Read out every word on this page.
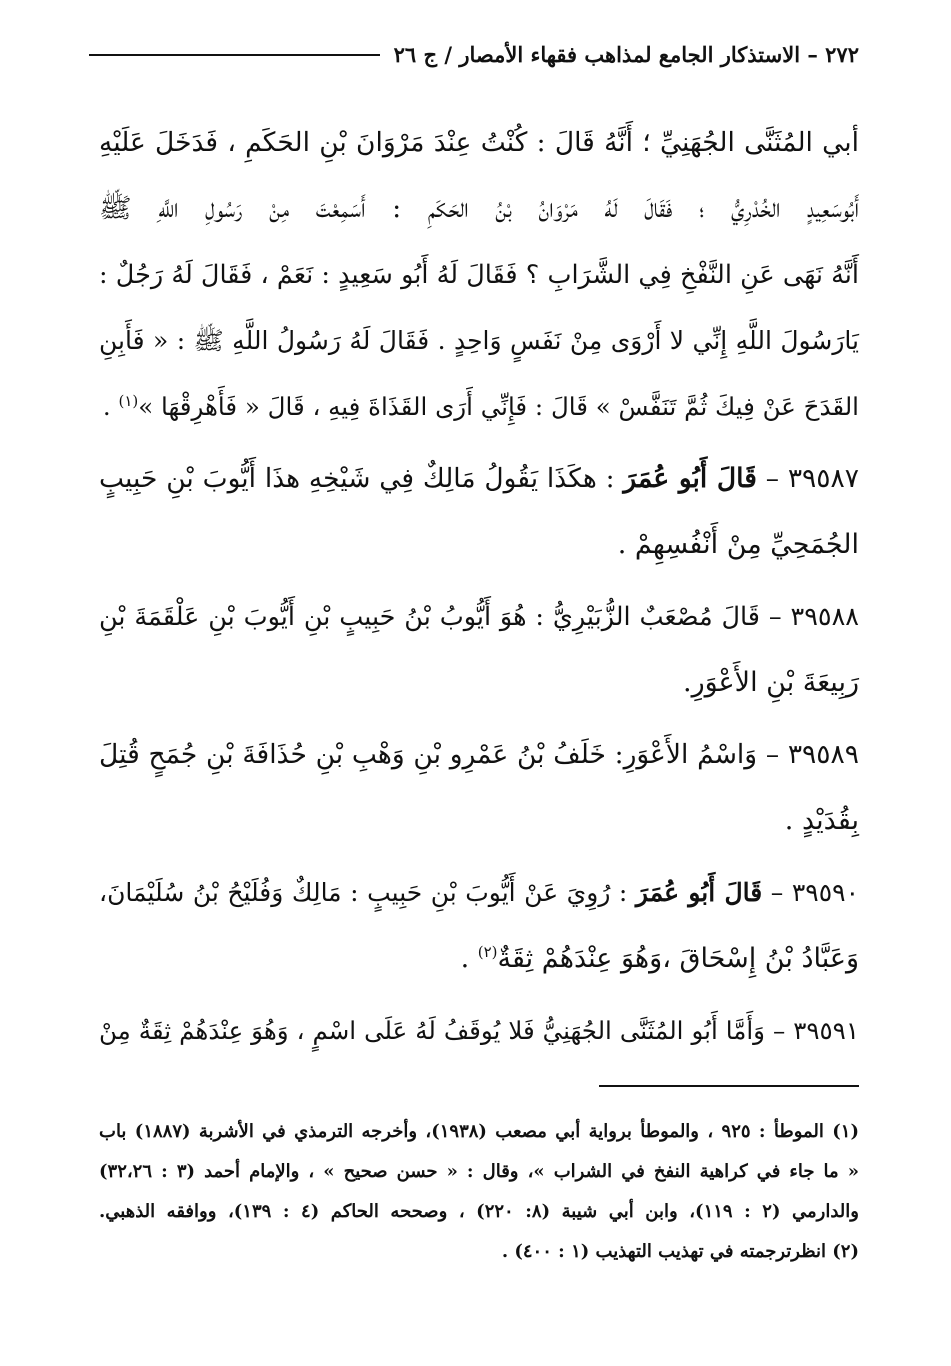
٢٧٢ – الاستذكار الجامع لمذاهب فقهاء الأمصار / ج ٢٦
أبي المُثَنَّى الجُهَنِيِّ ؛ أَنَّهُ قَالَ : كُنْتُ عِنْدَ مَرْوَانَ بْنِ الحَكَمِ ، فَدَخَلَ عَلَيْهِ
أَبُوسَعِيدٍ الخُدْرِيُّ ؛ فَقَالَ لَهُ مَرْوَانُ بْنُ الحَكَمِ : أَسَمِعْتَ مِنْ رَسُولِ اللَّهِ ﷺ
أَنَّهُ نَهَى عَنِ النَّفْخِ فِي الشَّرَابِ ؟ فَقَالَ لَهُ أَبُو سَعِيدٍ : نَعَمْ ، فَقَالَ لَهُ رَجُلٌ :
يَارَسُولَ اللَّهِ إِنِّي لا أَرْوَى مِنْ نَفَسٍ وَاحِدٍ . فَقَالَ لَهُ رَسُولُ اللَّهِ ﷺ : « فَأَبِنِ
القَدَحَ عَنْ فِيكَ ثُمَّ تَنَفَّسْ » قَالَ : فَإِنِّي أَرَى القَذَاةَ فِيهِ ، قَالَ « فَأَهْرِقْهَا »$^{(١)}$ .
٣٩٥٨٧ – قَالَ أَبُو عُمَرَ : هكَذَا يَقُولُ مَالِكٌ فِي شَيْخِهِ هذَا أَيُّوبَ بْنِ حَبِيبٍ
الجُمَحِيِّ مِنْ أَنْفُسِهِمْ .
٣٩٥٨٨ – قَالَ مُصْعَبٌ الزُّبَيْرِيُّ : هُوَ أَيُّوبُ بْنُ حَبِيبٍ بْنِ أَيُّوبَ بْنِ عَلْقَمَةَ بْنِ
رَبِيعَةَ بْنِ الأَعْوَرِ.
٣٩٥٨٩ – وَاسْمُ الأَعْوَرِ: خَلَفُ بْنُ عَمْرِو بْنِ وَهْبِ بْنِ حُذَافَةَ بْنِ جُمَحٍ قُتِلَ
بِقُدَيْدٍ .
٣٩٥٩٠ – قَالَ أَبُو عُمَرَ : رُوِيَ عَنْ أَيُّوبَ بْنِ حَبِيبٍ : مَالِكٌ وَفُلَيْحُ بْنُ سُلَيْمَانَ،
وَعَبَّادُ بْنُ إِسْحَاقَ ،وَهُوَ عِنْدَهُمْ ثِقَةٌ$^{(٢)}$ .
٣٩٥٩١ – وَأَمَّا أَبُو المُثَنَّى الجُهَنِيُّ فَلا يُوقَفُ لَهُ عَلَى اسْمٍ ، وَهُوَ عِنْدَهُمْ ثِقَةٌ مِنْ
(١) الموطأ : ٩٢٥ ، والموطأ برواية أبي مصعب (١٩٣٨)، وأخرجه الترمذي في الأشربة (١٨٨٧) باب
« ما جاء في كراهية النفخ في الشراب »، وقال : « حسن صحيح » ، والإمام أحمد (٣ : ٣٢،٢٦)
والدارمي (٢ : ١١٩)، وابن أبي شيبة (٨: ٢٢٠) ، وصححه الحاكم (٤ : ١٣٩)، ووافقه الذهبي.
(٢) انظرترجمته في تهذيب التهذيب (١ : ٤٠٠) .
